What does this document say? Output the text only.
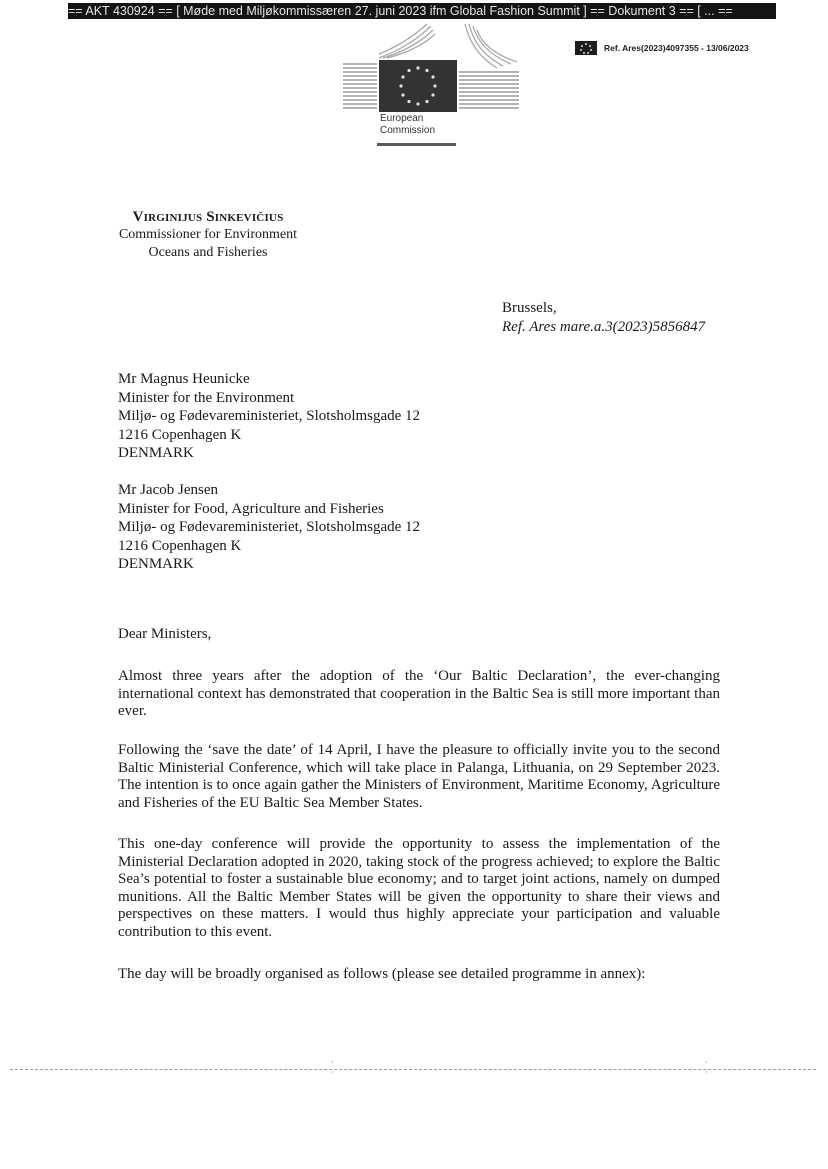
== AKT 430924 == [ Møde med Miljøkommissæren 27. juni 2023 ifm Global Fashion Summit ] == Dokument 3 == [ ... ==
Ref. Ares(2023)4097355 - 13/06/2023
European
Commission
Virginijus Sinkevičius
Commissioner for Environment
Oceans and Fisheries
Brussels,
Ref. Ares mare.a.3(2023)5856847
Mr Magnus Heunicke
Minister for the Environment
Miljø- og Fødevareministeriet, Slotsholmsgade 12
1216 Copenhagen K
DENMARK
Mr Jacob Jensen
Minister for Food, Agriculture and Fisheries
Miljø- og Fødevareministeriet, Slotsholmsgade 12
1216 Copenhagen K
DENMARK
Dear Ministers,

Almost three years after the adoption of the ‘Our Baltic Declaration’, the ever-changing international context has demonstrated that cooperation in the Baltic Sea is still more important than ever.

Following the ‘save the date’ of 14 April, I have the pleasure to officially invite you to the second Baltic Ministerial Conference, which will take place in Palanga, Lithuania, on 29 September 2023. The intention is to once again gather the Ministers of Environment, Maritime Economy, Agriculture and Fisheries of the EU Baltic Sea Member States.

This one-day conference will provide the opportunity to assess the implementation of the Ministerial Declaration adopted in 2020, taking stock of the progress achieved; to explore the Baltic Sea’s potential to foster a sustainable blue economy; and to target joint actions, namely on dumped munitions. All the Baltic Member States will be given the opportunity to share their views and perspectives on these matters. I would thus highly appreciate your participation and valuable contribution to this event.

The day will be broadly organised as follows (please see detailed programme in annex):

·
·
·
·
